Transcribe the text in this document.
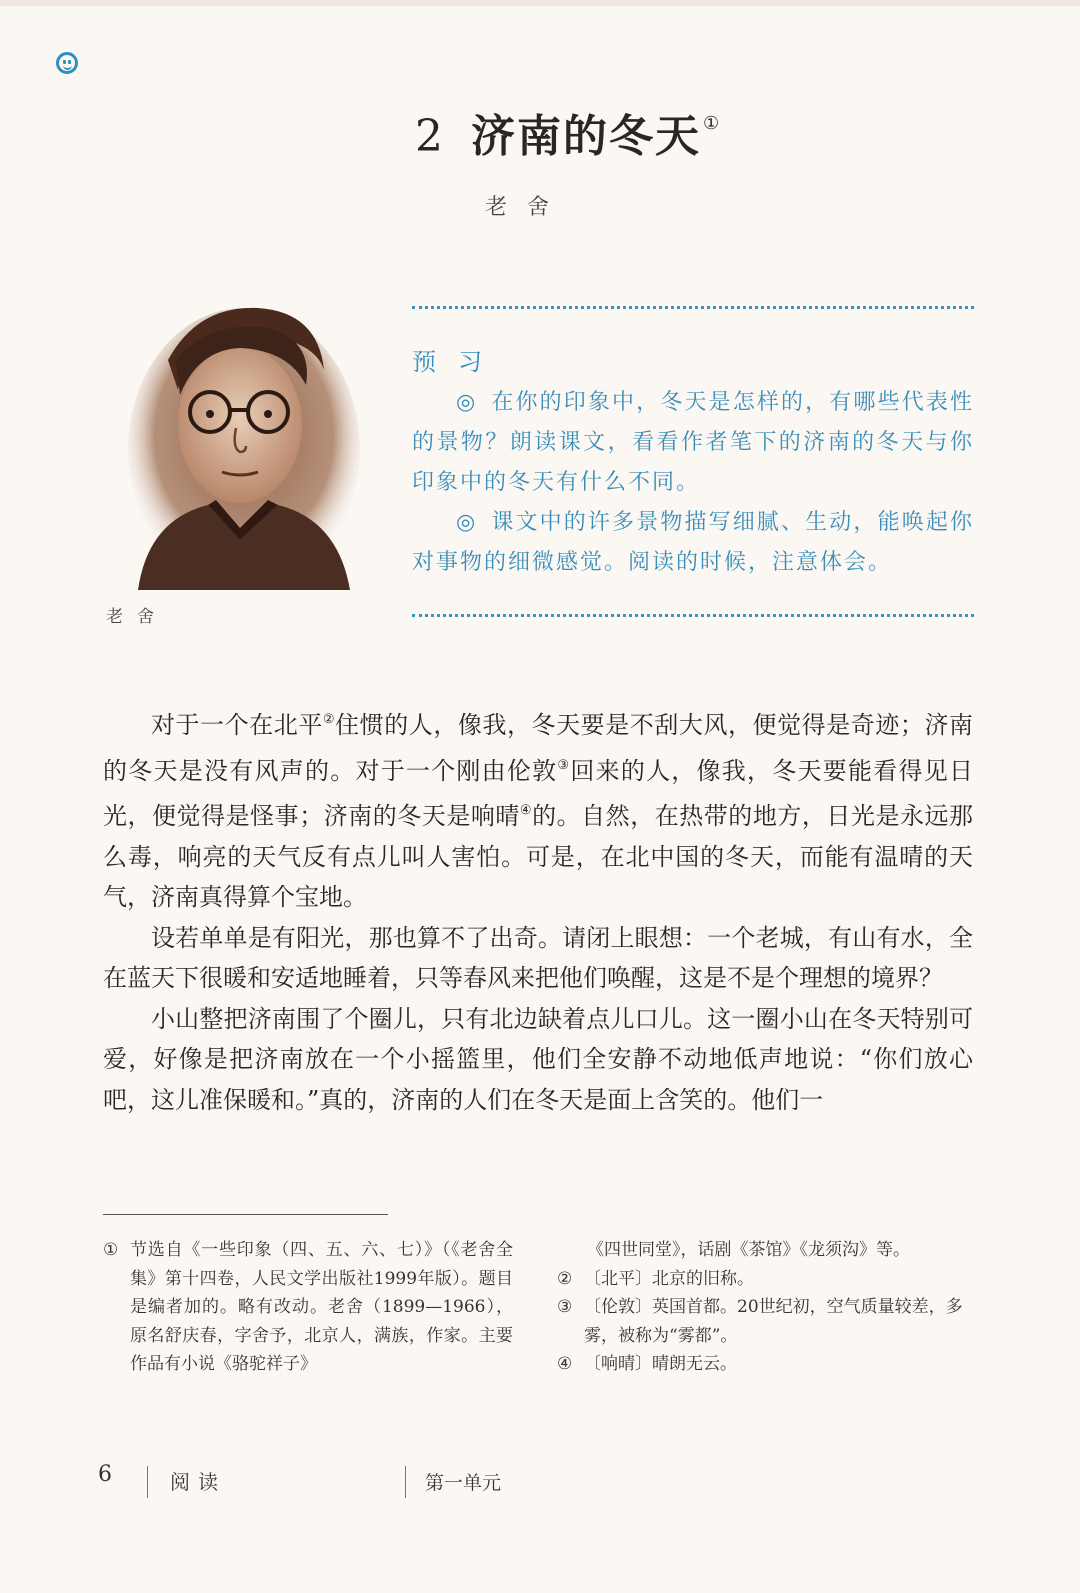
2 济南的冬天 ①
老舍
老舍
预习

◎ 在你的印象中，冬天是怎样的，有哪些代表性的景物？朗读课文，看看作者笔下的济南的冬天与你印象中的冬天有什么不同。

◎ 课文中的许多景物描写细腻、生动，能唤起你对事物的细微感觉。阅读的时候，注意体会。

对于一个在北平②住惯的人，像我，冬天要是不刮大风，便觉得是奇迹；济南的冬天是没有风声的。对于一个刚由伦敦③回来的人，像我，冬天要能看得见日光，便觉得是怪事；济南的冬天是响晴④的。自然，在热带的地方，日光是永远那么毒，响亮的天气反有点儿叫人害怕。可是，在北中国的冬天，而能有温晴的天气，济南真得算个宝地。

设若单单是有阳光，那也算不了出奇。请闭上眼想：一个老城，有山有水，全在蓝天下很暖和安适地睡着，只等春风来把他们唤醒，这是不是个理想的境界？

小山整把济南围了个圈儿，只有北边缺着点儿口儿。这一圈小山在冬天特别可爱，好像是把济南放在一个小摇篮里，他们全安静不动地低声地说：“你们放心吧，这儿准保暖和。”真的，济南的人们在冬天是面上含笑的。他们一

① 节选自《一些印象（四、五、六、七）》（《老舍全集》第十四卷，人民文学出版社1999年版）。题目是编者加的。略有改动。老舍（1899—1966），原名舒庆春，字舍予，北京人，满族，作家。主要作品有小说《骆驼祥子》
《四世同堂》，话剧《茶馆》《龙须沟》等。
② 〔北平〕北京的旧称。
③ 〔伦敦〕英国首都。20世纪初，空气质量较差，多雾，被称为“雾都”。
④ 〔响晴〕晴朗无云。
6	阅读	第一单元
